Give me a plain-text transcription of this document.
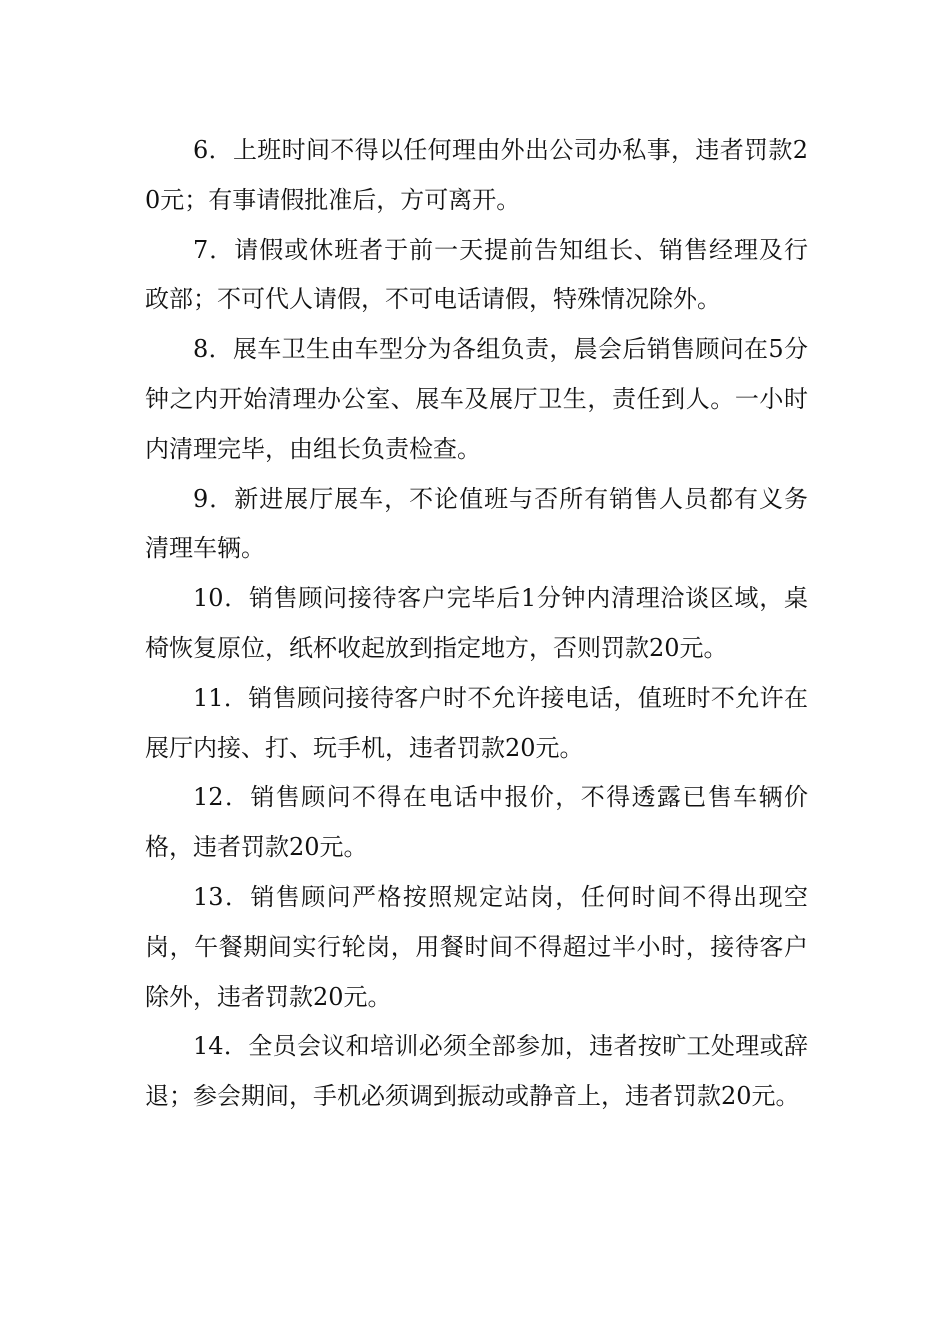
6．上班时间不得以任何理由外出公司办私事，违者罚款20元；有事请假批准后，方可离开。

7．请假或休班者于前一天提前告知组长、销售经理及行政部；不可代人请假，不可电话请假，特殊情况除外。

8．展车卫生由车型分为各组负责，晨会后销售顾问在5分钟之内开始清理办公室、展车及展厅卫生，责任到人。一小时内清理完毕，由组长负责检查。

9．新进展厅展车，不论值班与否所有销售人员都有义务清理车辆。

10．销售顾问接待客户完毕后1分钟内清理洽谈区域，桌椅恢复原位，纸杯收起放到指定地方，否则罚款20元。

11．销售顾问接待客户时不允许接电话，值班时不允许在展厅内接、打、玩手机，违者罚款20元。

12．销售顾问不得在电话中报价，不得透露已售车辆价格，违者罚款20元。

13．销售顾问严格按照规定站岗，任何时间不得出现空岗，午餐期间实行轮岗，用餐时间不得超过半小时，接待客户除外，违者罚款20元。

14．全员会议和培训必须全部参加，违者按旷工处理或辞退；参会期间，手机必须调到振动或静音上，违者罚款20元。
